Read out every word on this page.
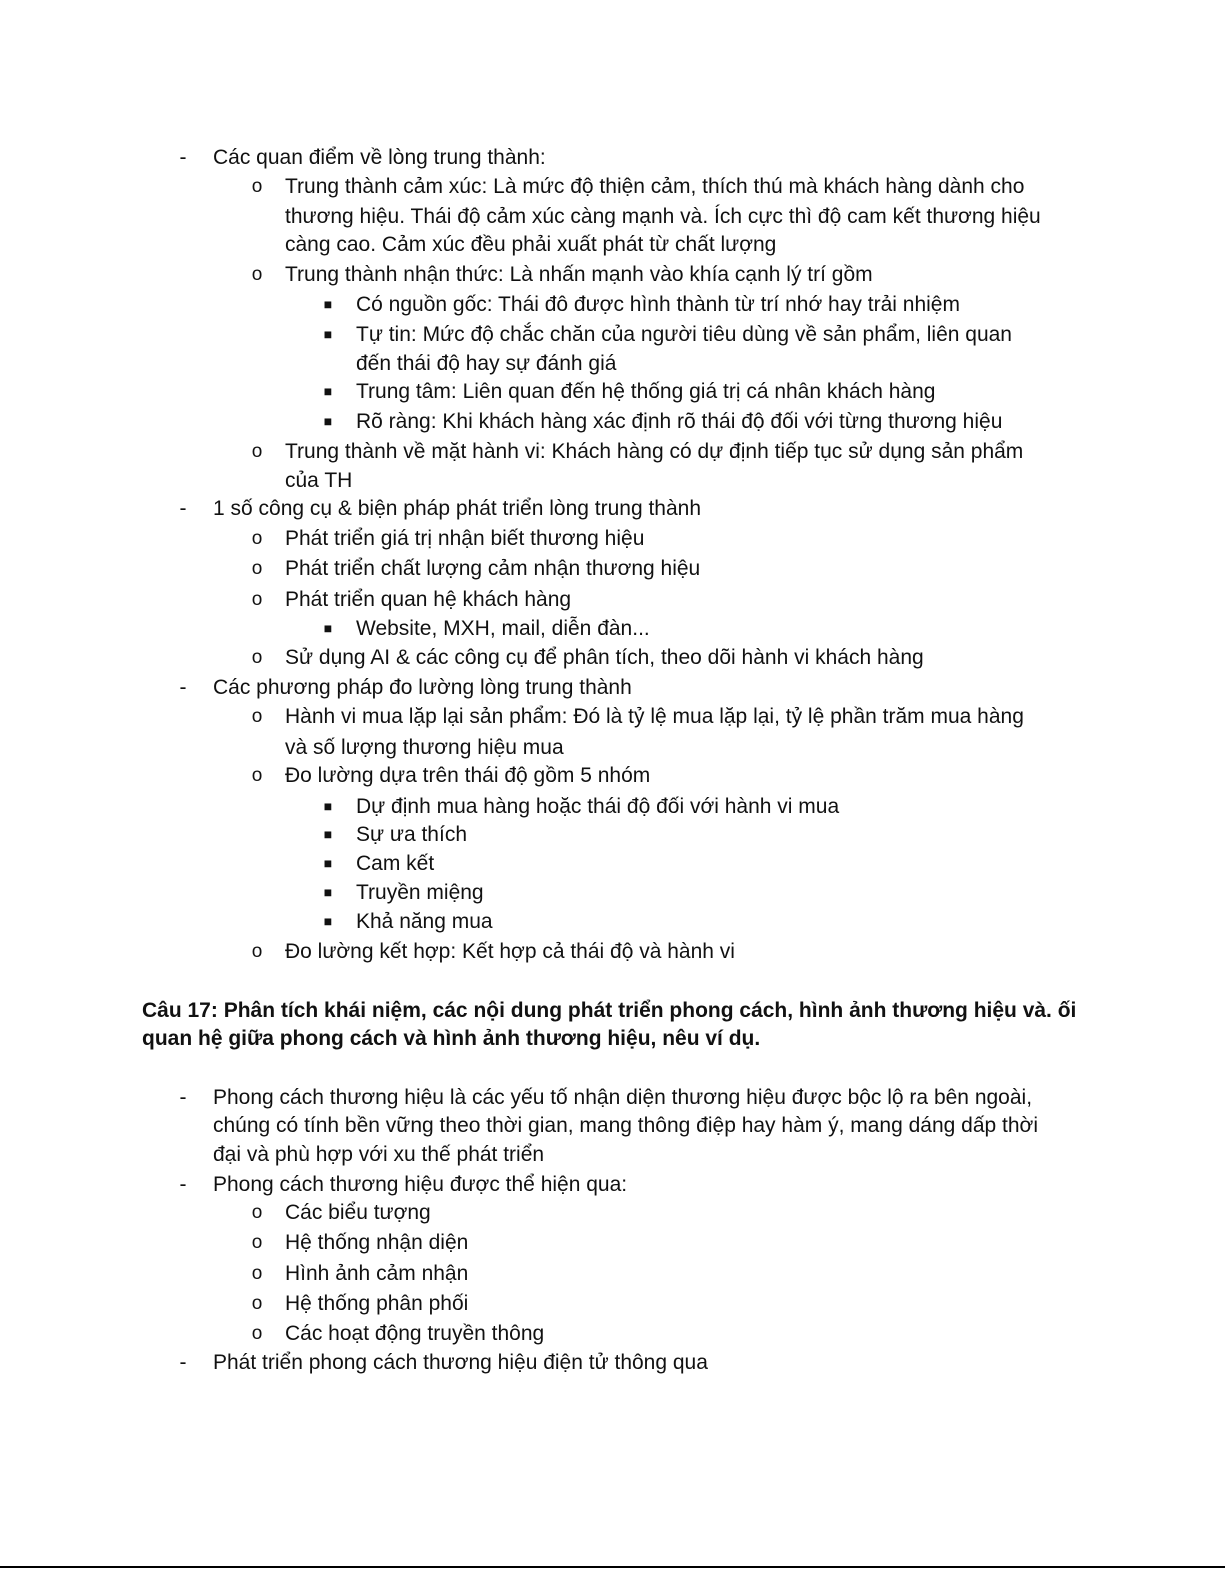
- Các quan điểm về lòng trung thành:
o Trung thành cảm xúc: Là mức độ thiện cảm, thích thú mà khách hàng dành cho
thương hiệu. Thái độ cảm xúc càng mạnh và. Ích cực thì độ cam kết thương hiệu
càng cao. Cảm xúc đều phải xuất phát từ chất lượng
o Trung thành nhận thức: Là nhấn mạnh vào khía cạnh lý trí gồm
■ Có nguồn gốc: Thái đô được hình thành từ trí nhớ hay trải nhiệm
■ Tự tin: Mức độ chắc chăn của người tiêu dùng về sản phẩm, liên quan
đến thái độ hay sự đánh giá
■ Trung tâm: Liên quan đến hệ thống giá trị cá nhân khách hàng
■ Rõ ràng: Khi khách hàng xác định rõ thái độ đối với từng thương hiệu
o Trung thành về mặt hành vi: Khách hàng có dự định tiếp tục sử dụng sản phẩm
của TH
- 1 số công cụ & biện pháp phát triển lòng trung thành
o Phát triển giá trị nhận biết thương hiệu
o Phát triển chất lượng cảm nhận thương hiệu
o Phát triển quan hệ khách hàng
■ Website, MXH, mail, diễn đàn...
o Sử dụng AI & các công cụ để phân tích, theo dõi hành vi khách hàng
- Các phương pháp đo lường lòng trung thành
o Hành vi mua lặp lại sản phẩm: Đó là tỷ lệ mua lặp lại, tỷ lệ phần trăm mua hàng
và số lượng thương hiệu mua
o Đo lường dựa trên thái độ gồm 5 nhóm
■ Dự định mua hàng hoặc thái độ đối với hành vi mua
■ Sự ưa thích
■ Cam kết
■ Truyền miệng
■ Khả năng mua
o Đo lường kết hợp: Kết hợp cả thái độ và hành vi
Câu 17: Phân tích khái niệm, các nội dung phát triển phong cách, hình ảnh thương hiệu và. ối
quan hệ giữa phong cách và hình ảnh thương hiệu, nêu ví dụ.
- Phong cách thương hiệu là các yếu tố nhận diện thương hiệu được bộc lộ ra bên ngoài,
chúng có tính bền vững theo thời gian, mang thông điệp hay hàm ý, mang dáng dấp thời
đại và phù hợp với xu thế phát triển
- Phong cách thương hiệu được thể hiện qua:
o Các biểu tượng
o Hệ thống nhận diện
o Hình ảnh cảm nhận
o Hệ thống phân phối
o Các hoạt động truyền thông
- Phát triển phong cách thương hiệu điện tử thông qua
